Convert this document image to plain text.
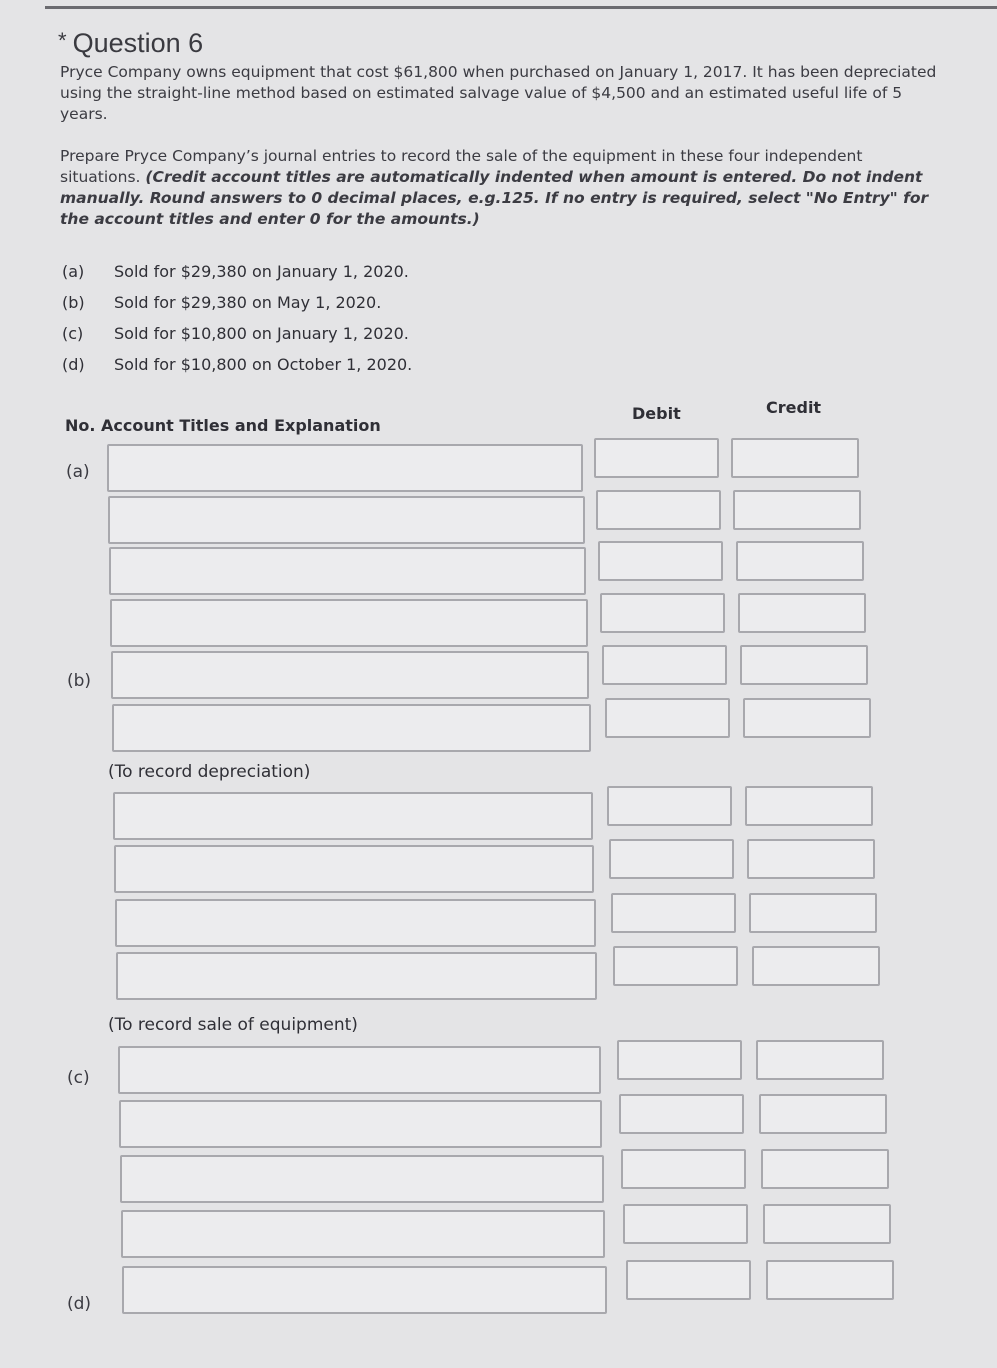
* Question 6
Pryce Company owns equipment that cost $61,800 when purchased on January 1, 2017. It has been depreciated using the straight-line method based on estimated salvage value of $4,500 and an estimated useful life of 5 years.
Prepare Pryce Company’s journal entries to record the sale of the equipment in these four independent situations. (Credit account titles are automatically indented when amount is entered. Do not indent manually. Round answers to 0 decimal places, e.g.125. If no entry is required, select "No Entry" for the account titles and enter 0 for the amounts.)
(a)	Sold for $29,380 on January 1, 2020.
(b)	Sold for $29,380 on May 1, 2020.
(c)	Sold for $10,800 on January 1, 2020.
(d)	Sold for $10,800 on October 1, 2020.
No. Account Titles and Explanation
Debit	Credit
(a)
(b)
(c)
(d)
(To record depreciation)
(To record sale of equipment)
